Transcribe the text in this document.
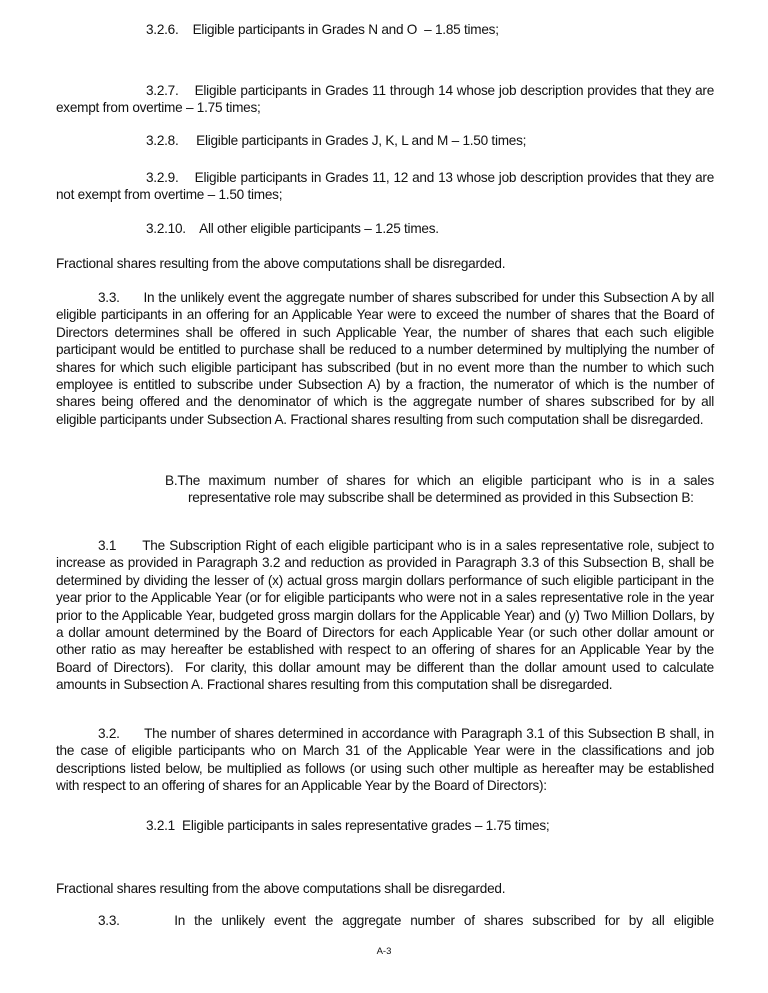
3.2.6.    Eligible participants in Grades N and O  – 1.85 times;

3.2.7.    Eligible participants in Grades 11 through 14 whose job description provides that they are exempt from overtime – 1.75 times;

3.2.8.     Eligible participants in Grades J, K, L and M – 1.50 times;

3.2.9.    Eligible participants in Grades 11, 12 and 13 whose job description provides that they are not exempt from overtime – 1.50 times;

3.2.10.    All other eligible participants – 1.25 times.

Fractional shares resulting from the above computations shall be disregarded.

3.3.      In the unlikely event the aggregate number of shares subscribed for under this Subsection A by all eligible participants in an offering for an Applicable Year were to exceed the number of shares that the Board of Directors determines shall be offered in such Applicable Year, the number of shares that each such eligible participant would be entitled to purchase shall be reduced to a number determined by multiplying the number of shares for which such eligible participant has subscribed (but in no event more than the number to which such employee is entitled to subscribe under Subsection A) by a fraction, the numerator of which is the number of shares being offered and the denominator of which is the aggregate number of shares subscribed for by all eligible participants under Subsection A. Fractional shares resulting from such computation shall be disregarded.

B.The maximum number of shares for which an eligible participant who is in a sales representative role may subscribe shall be determined as provided in this Subsection B:

3.1      The Subscription Right of each eligible participant who is in a sales representative role, subject to increase as provided in Paragraph 3.2 and reduction as provided in Paragraph 3.3 of this Subsection B, shall be determined by dividing the lesser of (x) actual gross margin dollars performance of such eligible participant in the year prior to the Applicable Year (or for eligible participants who were not in a sales representative role in the year prior to the Applicable Year, budgeted gross margin dollars for the Applicable Year) and (y) Two Million Dollars, by a dollar amount determined by the Board of Directors for each Applicable Year (or such other dollar amount or other ratio as may hereafter be established with respect to an offering of shares for an Applicable Year by the Board of Directors).  For clarity, this dollar amount may be different than the dollar amount used to calculate amounts in Subsection A. Fractional shares resulting from this computation shall be disregarded.

3.2.      The number of shares determined in accordance with Paragraph 3.1 of this Subsection B shall, in the case of eligible participants who on March 31 of the Applicable Year were in the classifications and job descriptions listed below, be multiplied as follows (or using such other multiple as hereafter may be established with respect to an offering of shares for an Applicable Year by the Board of Directors):

3.2.1  Eligible participants in sales representative grades – 1.75 times;

Fractional shares resulting from the above computations shall be disregarded.

3.3.      In the unlikely event the aggregate number of shares subscribed for by all eligible

A-3
